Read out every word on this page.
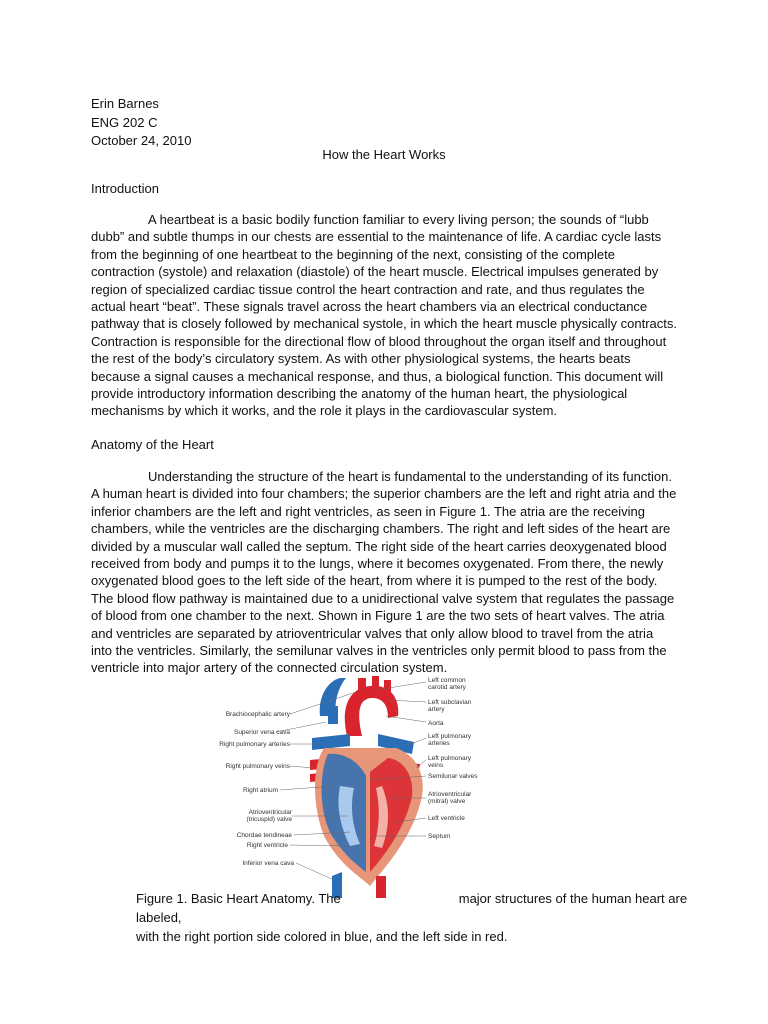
Erin Barnes
ENG 202 C
October 24, 2010
How the Heart Works
Introduction

A heartbeat is a basic bodily function familiar to every living person; the sounds of “lubb dubb” and subtle thumps in our chests are essential to the maintenance of life. A cardiac cycle lasts from the beginning of one heartbeat to the beginning of the next, consisting of the complete contraction (systole) and relaxation (diastole) of the heart muscle. Electrical impulses generated by region of specialized cardiac tissue control the heart contraction and rate, and thus regulates the actual heart “beat”. These signals travel across the heart chambers via an electrical conductance pathway that is closely followed by mechanical systole, in which the heart muscle physically contracts. Contraction is responsible for the directional flow of blood throughout the organ itself and throughout the rest of the body’s circulatory system. As with other physiological systems, the hearts beats because a signal causes a mechanical response, and thus, a biological function. This document will provide introductory information describing the anatomy of the human heart, the physiological mechanisms by which it works, and the role it plays in the cardiovascular system.

Anatomy of the Heart

Understanding the structure of the heart is fundamental to the understanding of its function. A human heart is divided into four chambers; the superior chambers are the left and right atria and the inferior chambers are the left and right ventricles, as seen in Figure 1. The atria are the receiving chambers, while the ventricles are the discharging chambers. The right and left sides of the heart are divided by a muscular wall called the septum. The right side of the heart carries deoxygenated blood received from body and pumps it to the lungs, where it becomes oxygenated. From there, the newly oxygenated blood goes to the left side of the heart, from where it is pumped to the rest of the body. The blood flow pathway is maintained due to a unidirectional valve system that regulates the passage of blood from one chamber to the next. Shown in Figure 1 are the two sets of heart valves. The atria and ventricles are separated by atrioventricular valves that only allow blood to travel from the atria into the ventricles. Similarly, the semilunar valves in the ventricles only permit blood to pass from the ventricle into major artery of the connected circulation system.

Brachiocephalic artery
Superior vena cava
Right pulmonary arteries
Right pulmonary veins
Right atrium
Atrioventricular
(tricuspid) valve
Chordae tendineae
Right ventricle
Inferior vena cava
Left common
carotid artery
Left subclavian
artery
Aorta
Left pulmonary
arteries
Left pulmonary
veins
Semilunar valves
Atrioventricular
(mitral) valve
Left ventricle
Septum
Figure 1. Basic Heart Anatomy. The	major structures of the human heart are labeled,
with the right portion side colored in blue, and the left side in red.
